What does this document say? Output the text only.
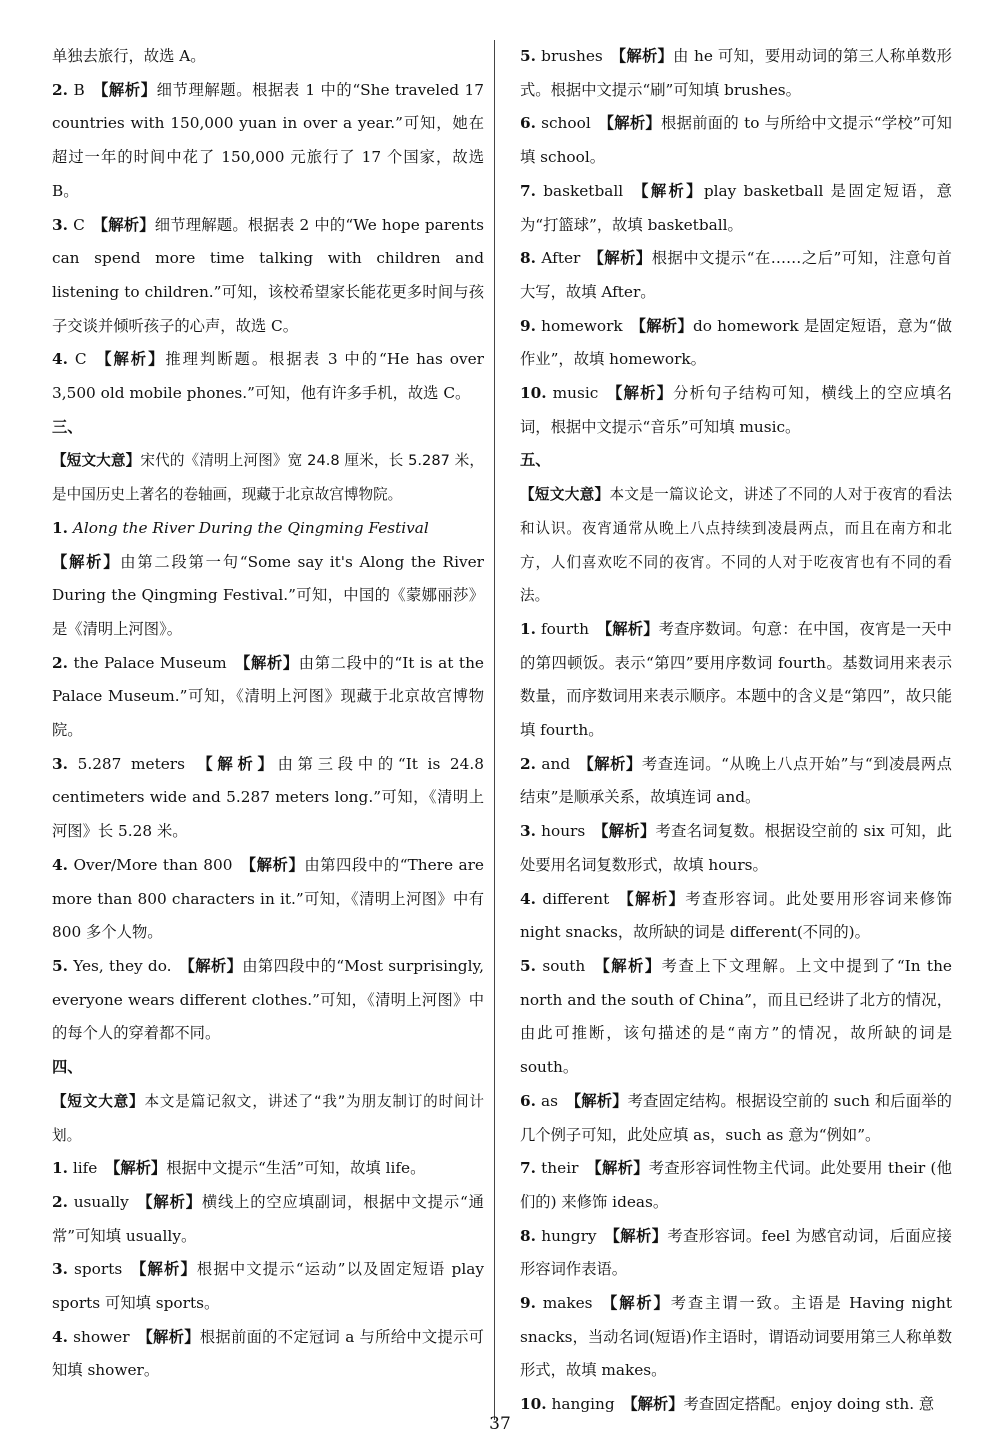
单独去旅行，故选 A。

2. B  【解析】细节理解题。根据表 1 中的“She traveled 17 countries with 150,000 yuan in over a year.”可知，她在超过一年的时间中花了 150,000 元旅行了 17 个国家，故选 B。

3. C  【解析】细节理解题。根据表 2 中的“We hope parents can spend more time talking with children and listening to children.”可知，该校希望家长能花更多时间与孩子交谈并倾听孩子的心声，故选 C。

4. C  【解析】推理判断题。根据表 3 中的“He has over 3,500 old mobile phones.”可知，他有许多手机，故选 C。

三、

【短文大意】宋代的《清明上河图》宽 24.8 厘米，长 5.287 米，是中国历史上著名的卷轴画，现藏于北京故宫博物院。

1. Along the River During the Qingming Festival

【解析】由第二段第一句“Some say it's Along the River During the Qingming Festival.”可知，中国的《蒙娜丽莎》是《清明上河图》。

2. the Palace Museum  【解析】由第二段中的“It is at the Palace Museum.”可知，《清明上河图》现藏于北京故宫博物院。

3. 5.287 meters  【解析】由第三段中的“It is 24.8 centimeters wide and 5.287 meters long.”可知，《清明上河图》长 5.28 米。

4. Over/More than 800  【解析】由第四段中的“There are more than 800 characters in it.”可知，《清明上河图》中有 800 多个人物。

5. Yes, they do.  【解析】由第四段中的“Most surprisingly, everyone wears different clothes.”可知，《清明上河图》中的每个人的穿着都不同。

四、

【短文大意】本文是篇记叙文，讲述了“我”为朋友制订的时间计划。

1. life  【解析】根据中文提示“生活”可知，故填 life。

2. usually  【解析】横线上的空应填副词，根据中文提示“通常”可知填 usually。

3. sports  【解析】根据中文提示“运动”以及固定短语 play sports 可知填 sports。

4. shower  【解析】根据前面的不定冠词 a 与所给中文提示可知填 shower。

5. brushes  【解析】由 he 可知，要用动词的第三人称单数形式。根据中文提示“刷”可知填 brushes。

6. school  【解析】根据前面的 to 与所给中文提示“学校”可知填 school。

7. basketball  【解析】play basketball 是固定短语，意为“打篮球”，故填 basketball。

8. After  【解析】根据中文提示“在……之后”可知，注意句首大写，故填 After。

9. homework  【解析】do homework 是固定短语，意为“做作业”，故填 homework。

10. music  【解析】分析句子结构可知，横线上的空应填名词，根据中文提示“音乐”可知填 music。

五、

【短文大意】本文是一篇议论文，讲述了不同的人对于夜宵的看法和认识。夜宵通常从晚上八点持续到凌晨两点，而且在南方和北方，人们喜欢吃不同的夜宵。不同的人对于吃夜宵也有不同的看法。

1. fourth  【解析】考查序数词。句意：在中国，夜宵是一天中的第四顿饭。表示“第四”要用序数词 fourth。基数词用来表示数量，而序数词用来表示顺序。本题中的含义是“第四”，故只能填 fourth。

2. and  【解析】考查连词。“从晚上八点开始”与“到凌晨两点结束”是顺承关系，故填连词 and。

3. hours  【解析】考查名词复数。根据设空前的 six 可知，此处要用名词复数形式，故填 hours。

4. different  【解析】考查形容词。此处要用形容词来修饰 night snacks，故所缺的词是 different(不同的)。

5. south  【解析】考查上下文理解。上文中提到了“In the north and the south of China”，而且已经讲了北方的情况，由此可推断，该句描述的是“南方”的情况，故所缺的词是 south。

6. as  【解析】考查固定结构。根据设空前的 such 和后面举的几个例子可知，此处应填 as，such as 意为“例如”。

7. their  【解析】考查形容词性物主代词。此处要用 their (他们的) 来修饰 ideas。

8. hungry  【解析】考查形容词。feel 为感官动词，后面应接形容词作表语。

9. makes  【解析】考查主谓一致。主语是 Having night snacks，当动名词(短语)作主语时，谓语动词要用第三人称单数形式，故填 makes。

10. hanging  【解析】考查固定搭配。enjoy doing sth. 意

37
